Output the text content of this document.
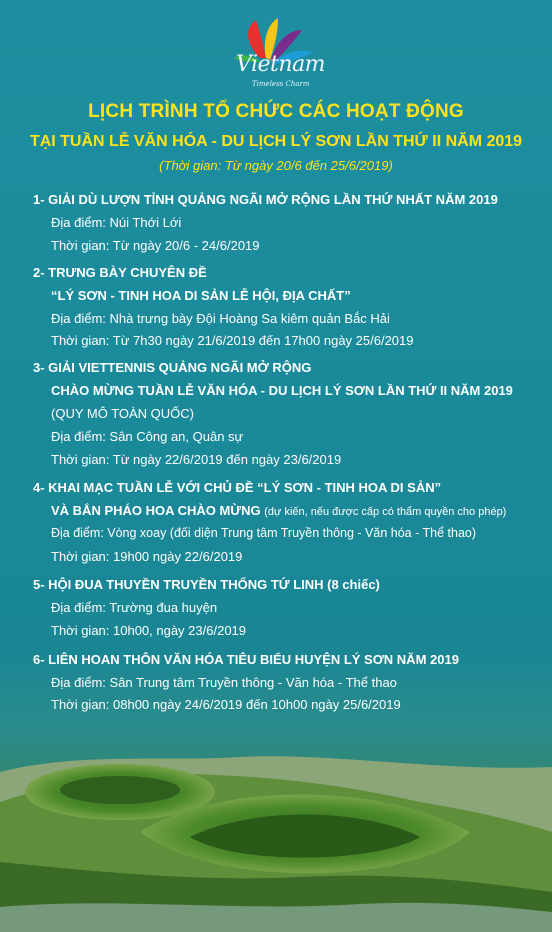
Vietnam
Timeless Charm
LỊCH TRÌNH TỔ CHỨC CÁC HOẠT ĐỘNG
TẠI TUẦN LỄ VĂN HÓA - DU LỊCH LÝ SƠN LẦN THỨ II NĂM 2019
(Thời gian: Từ ngày 20/6 đến 25/6/2019)
1- GIẢI DÙ LƯỢN TỈNH QUẢNG NGÃI MỞ RỘNG LẦN THỨ NHẤT NĂM 2019
Địa điểm: Núi Thới Lới
Thời gian: Từ ngày 20/6 - 24/6/2019
2- TRƯNG BÀY CHUYÊN ĐỀ
“LÝ SƠN - TINH HOA DI SẢN LỄ HỘI, ĐỊA CHẤT”
Địa điểm: Nhà trưng bày Đội Hoàng Sa kiêm quản Bắc Hải
Thời gian: Từ 7h30 ngày 21/6/2019 đến 17h00 ngày 25/6/2019
3- GIẢI VIETTENNIS QUẢNG NGÃI MỞ RỘNG
CHÀO MỪNG TUẦN LỄ VĂN HÓA - DU LỊCH LÝ SƠN LẦN THỨ II NĂM 2019
(QUY MÔ TOÀN QUỐC)
Địa điểm: Sân Công an, Quân sự
Thời gian: Từ ngày 22/6/2019 đến ngày 23/6/2019
4- KHAI MẠC TUẦN LỄ VỚI CHỦ ĐỀ “LÝ SƠN - TINH HOA DI SẢN”
VÀ BẮN PHÁO HOA CHÀO MỪNG (dự kiến, nếu được cấp có thẩm quyền cho phép)
Địa điểm: Vòng xoay (đối diện Trung tâm Truyền thông - Văn hóa - Thể thao)
Thời gian: 19h00 ngày 22/6/2019
5- HỘI ĐUA THUYỀN TRUYỀN THỐNG TỨ LINH (8 chiếc)
Địa điểm: Trường đua huyện
Thời gian: 10h00, ngày 23/6/2019
6- LIÊN HOAN THÔN VĂN HÓA TIÊU BIỂU HUYỆN LÝ SƠN NĂM 2019
Địa điểm: Sân Trung tâm Truyền thông - Văn hóa - Thể thao
Thời gian: 08h00 ngày 24/6/2019 đến 10h00 ngày 25/6/2019
